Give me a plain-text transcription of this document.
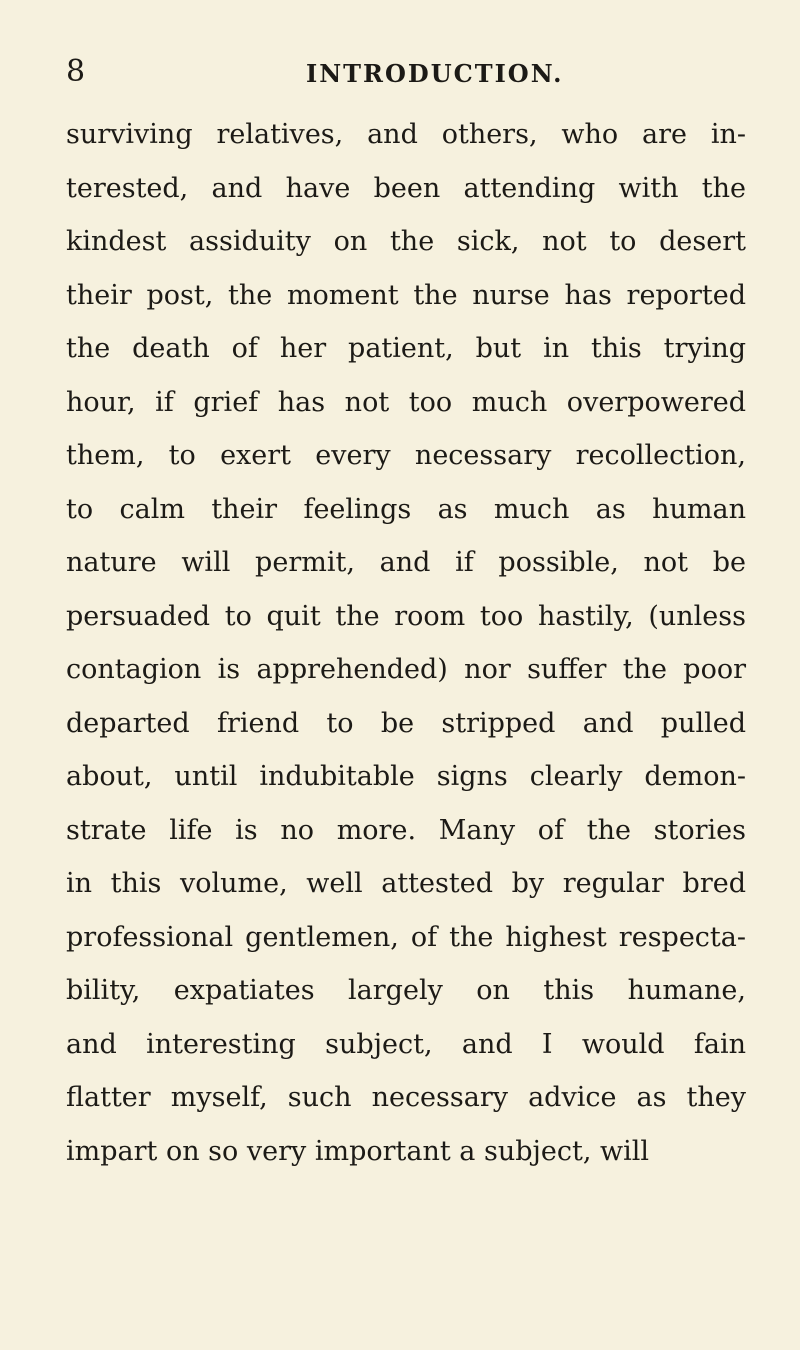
8	INTRODUCTION.
surviving relatives, and others, who are in-
terested, and have been attending with the
kindest assiduity on the sick, not to desert
their post, the moment the nurse has reported
the death of her patient, but in this trying
hour, if grief has not too much overpowered
them, to exert every necessary recollection,
to calm their feelings as much as human
nature will permit, and if possible, not be
persuaded to quit the room too hastily, (unless
contagion is apprehended) nor suffer the poor
departed friend to be stripped and pulled
about, until indubitable signs clearly demon-
strate life is no more. Many of the stories
in this volume, well attested by regular bred
professional gentlemen, of the highest respecta-
bility, expatiates largely on this humane,
and interesting subject, and I would fain
flatter myself, such necessary advice as they
impart on so very important a subject, will
